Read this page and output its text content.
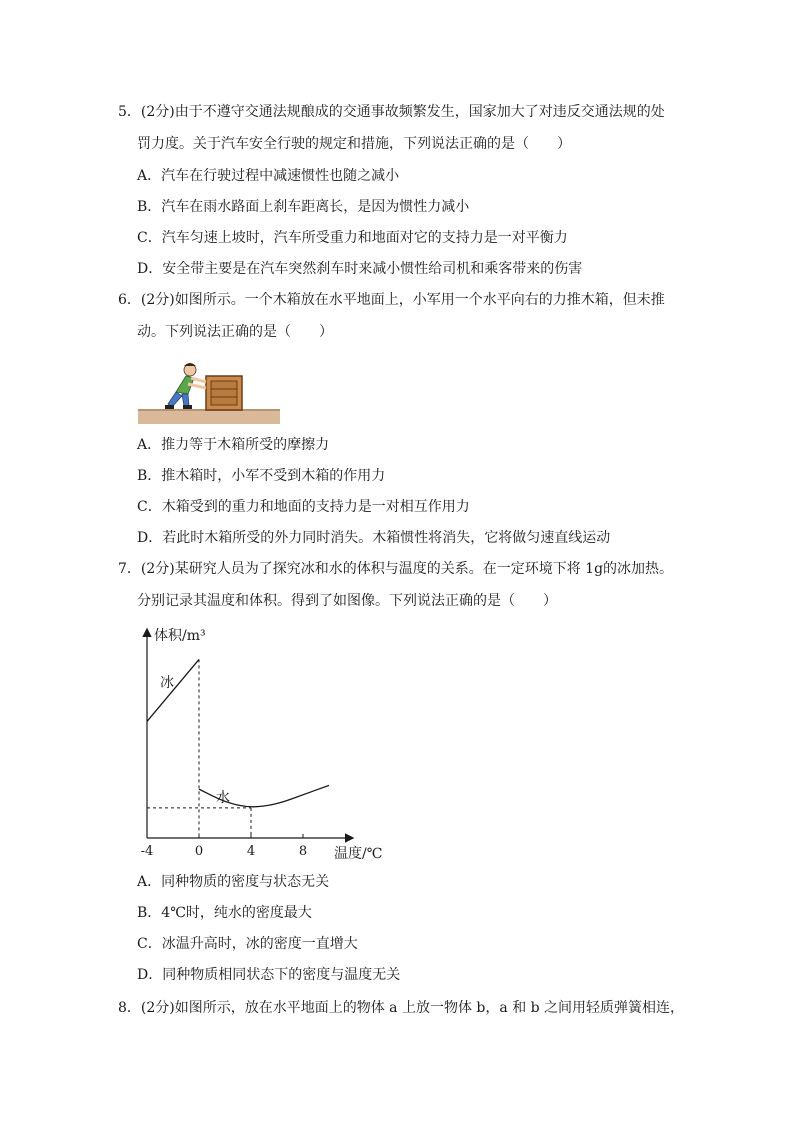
5．(2分)由于不遵守交通法规酿成的交通事故频繁发生，国家加大了对违反交通法规的处
罚力度。关于汽车安全行驶的规定和措施，下列说法正确的是（　　）
A．汽车在行驶过程中减速惯性也随之减小
B．汽车在雨水路面上刹车距离长，是因为惯性力减小
C．汽车匀速上坡时，汽车所受重力和地面对它的支持力是一对平衡力
D．安全带主要是在汽车突然刹车时来减小惯性给司机和乘客带来的伤害
6．(2分)如图所示。一个木箱放在水平地面上，小军用一个水平向右的力推木箱，但未推
动。下列说法正确的是（　　）
A．推力等于木箱所受的摩擦力
B．推木箱时，小军不受到木箱的作用力
C．木箱受到的重力和地面的支持力是一对相互作用力
D．若此时木箱所受的外力同时消失。木箱惯性将消失，它将做匀速直线运动
7．(2分)某研究人员为了探究冰和水的体积与温度的关系。在一定环境下将 1g的冰加热。
分别记录其温度和体积。得到了如图像。下列说法正确的是（　　）
体积/m³
温度/℃
-4	0	4	8
冰
水
A．同种物质的密度与状态无关
B．4℃时，纯水的密度最大
C．冰温升高时，冰的密度一直增大
D．同种物质相同状态下的密度与温度无关
8．(2分)如图所示，放在水平地面上的物体 a 上放一物体 b，a 和 b 之间用轻质弹簧相连，
